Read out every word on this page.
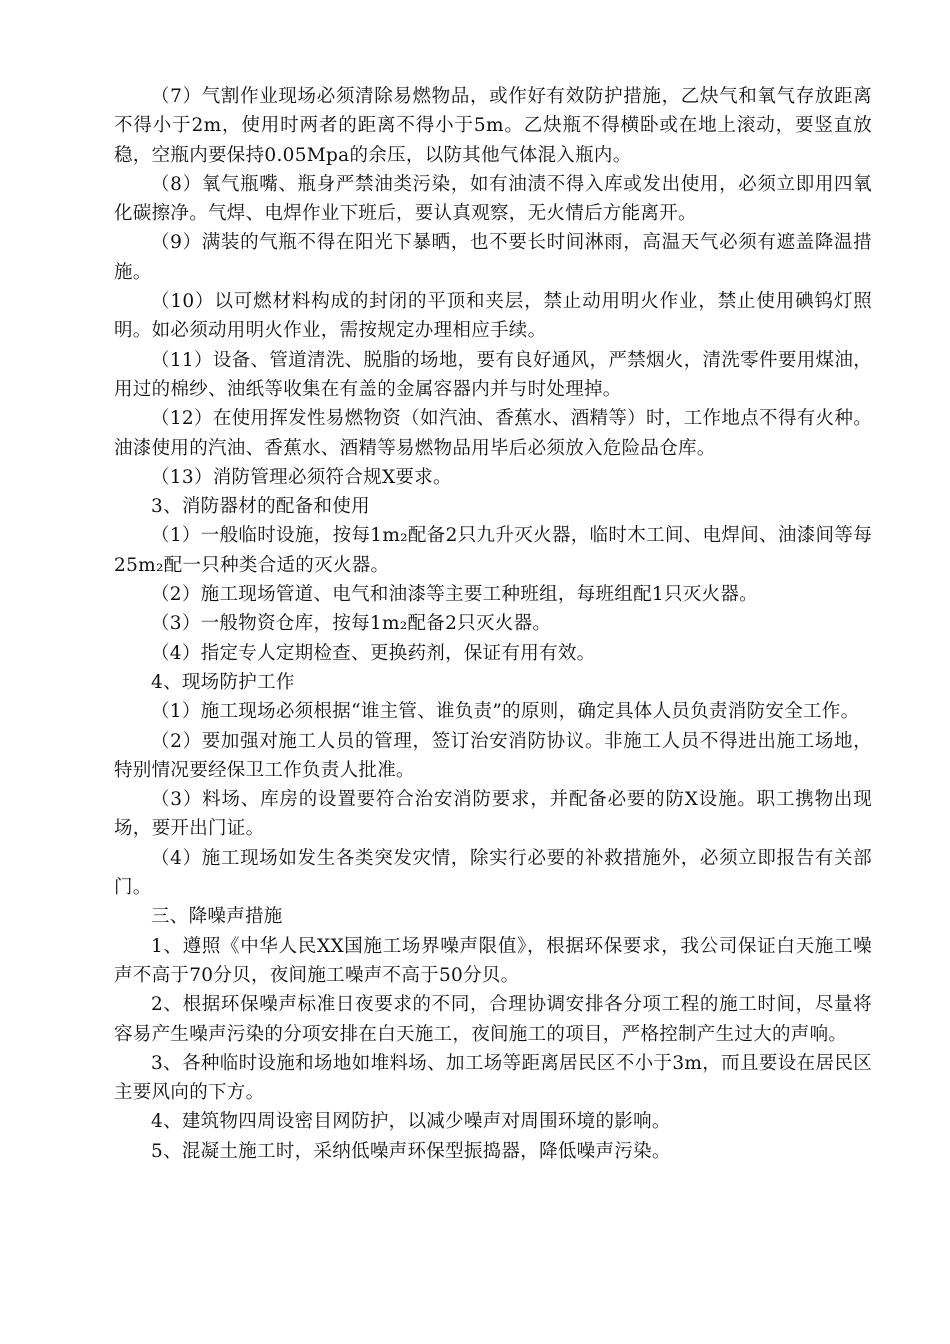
（7）气割作业现场必须清除易燃物品，或作好有效防护措施，乙炔气和氧气存放距离不得小于2m，使用时两者的距离不得小于5m。乙炔瓶不得横卧或在地上滚动，要竖直放稳，空瓶内要保持0.05Mpa的余压，以防其他气体混入瓶内。

（8）氧气瓶嘴、瓶身严禁油类污染，如有油渍不得入库或发出使用，必须立即用四氧化碳擦净。气焊、电焊作业下班后，要认真观察，无火情后方能离开。

（9）满装的气瓶不得在阳光下暴晒，也不要长时间淋雨，高温天气必须有遮盖降温措施。

（10）以可燃材料构成的封闭的平顶和夹层，禁止动用明火作业，禁止使用碘钨灯照明。如必须动用明火作业，需按规定办理相应手续。

（11）设备、管道清洗、脱脂的场地，要有良好通风，严禁烟火，清洗零件要用煤油，用过的棉纱、油纸等收集在有盖的金属容器内并与时处理掉。

（12）在使用挥发性易燃物资（如汽油、香蕉水、酒精等）时，工作地点不得有火种。油漆使用的汽油、香蕉水、酒精等易燃物品用毕后必须放入危险品仓库。

（13）消防管理必须符合规X要求。

3、消防器材的配备和使用

（1）一般临时设施，按每1m₂配备2只九升灭火器，临时木工间、电焊间、油漆间等每25m₂配一只种类合适的灭火器。

（2）施工现场管道、电气和油漆等主要工种班组，每班组配1只灭火器。

（3）一般物资仓库，按每1m₂配备2只灭火器。

（4）指定专人定期检查、更换药剂，保证有用有效。

4、现场防护工作

（1）施工现场必须根据“谁主管、谁负责”的原则，确定具体人员负责消防安全工作。

（2）要加强对施工人员的管理，签订治安消防协议。非施工人员不得进出施工场地，特别情况要经保卫工作负责人批准。

（3）料场、库房的设置要符合治安消防要求，并配备必要的防X设施。职工携物出现场，要开出门证。

（4）施工现场如发生各类突发灾情，除实行必要的补救措施外，必须立即报告有关部门。

三、降噪声措施

1、遵照《中华人民XX国施工场界噪声限值》，根据环保要求，我公司保证白天施工噪声不高于70分贝，夜间施工噪声不高于50分贝。

2、根据环保噪声标准日夜要求的不同，合理协调安排各分项工程的施工时间，尽量将容易产生噪声污染的分项安排在白天施工，夜间施工的项目，严格控制产生过大的声响。

3、各种临时设施和场地如堆料场、加工场等距离居民区不小于3m，而且要设在居民区主要风向的下方。

4、建筑物四周设密目网防护，以减少噪声对周围环境的影响。

5、混凝土施工时，采纳低噪声环保型振捣器，降低噪声污染。
